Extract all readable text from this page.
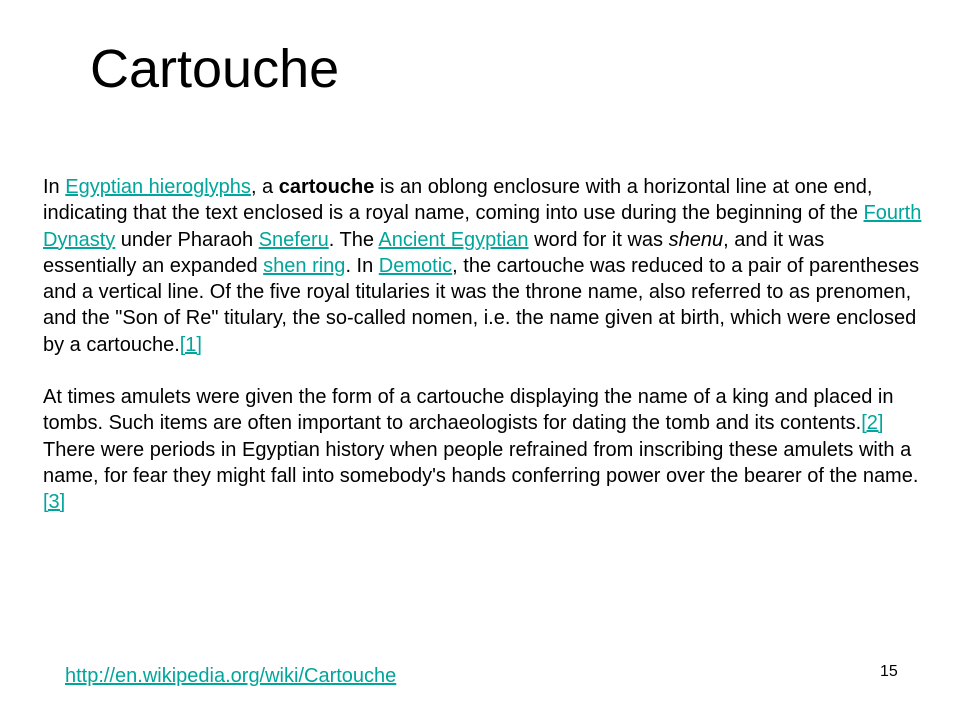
Cartouche

In Egyptian hieroglyphs, a cartouche is an oblong enclosure with a horizontal line at one end, indicating that the text enclosed is a royal name, coming into use during the beginning of the Fourth Dynasty under Pharaoh Sneferu. The Ancient Egyptian word for it was shenu, and it was essentially an expanded shen ring. In Demotic, the cartouche was reduced to a pair of parentheses and a vertical line. Of the five royal titularies it was the throne name, also referred to as prenomen, and the "Son of Re" titulary, the so-called nomen, i.e. the name given at birth, which were enclosed by a cartouche.[1]

At times amulets were given the form of a cartouche displaying the name of a king and placed in tombs. Such items are often important to archaeologists for dating the tomb and its contents.[2] There were periods in Egyptian history when people refrained from inscribing these amulets with a name, for fear they might fall into somebody's hands conferring power over the bearer of the name.[3]

http://en.wikipedia.org/wiki/Cartouche	15
